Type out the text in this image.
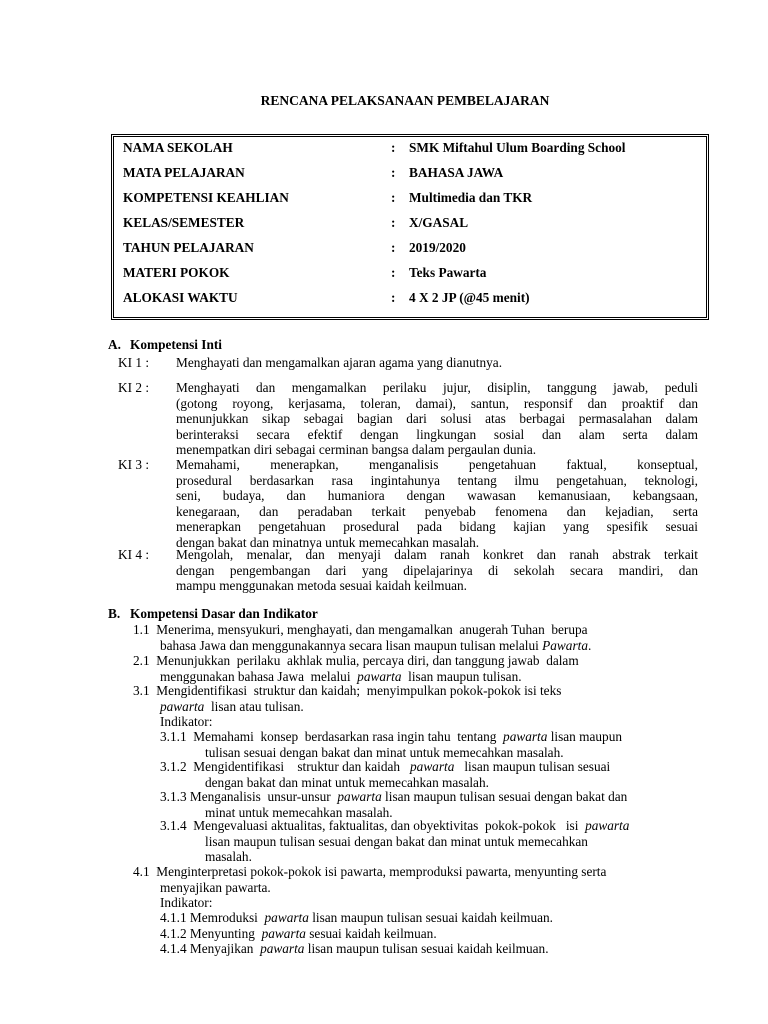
RENCANA PELAKSANAAN PEMBELAJARAN
NAMA SEKOLAH	: SMK Miftahul Ulum Boarding School
MATA PELAJARAN	: BAHASA JAWA
KOMPETENSI KEAHLIAN	: Multimedia dan TKR
KELAS/SEMESTER	: X/GASAL
TAHUN PELAJARAN	: 2019/2020
MATERI POKOK	: Teks Pawarta
ALOKASI WAKTU	: 4 X 2 JP (@45 menit)
A. Kompetensi Inti
KI 1 : Menghayati dan mengamalkan ajaran agama yang dianutnya.

KI 2 : Menghayati dan mengamalkan perilaku jujur, disiplin, tanggung jawab, peduli

(gotong royong, kerjasama, toleran, damai), santun, responsif dan proaktif dan

menunjukkan sikap sebagai bagian dari solusi atas berbagai permasalahan dalam

berinteraksi secara efektif dengan lingkungan sosial dan alam serta dalam

menempatkan diri sebagai cerminan bangsa dalam pergaulan dunia.

KI 3 : Memahami, menerapkan, menganalisis pengetahuan faktual, konseptual,

prosedural berdasarkan rasa ingintahunya tentang ilmu pengetahuan, teknologi,

seni, budaya, dan humaniora dengan wawasan kemanusiaan, kebangsaan,

kenegaraan, dan peradaban terkait penyebab fenomena dan kejadian, serta

menerapkan pengetahuan prosedural pada bidang kajian yang spesifik sesuai

dengan bakat dan minatnya untuk memecahkan masalah.

KI 4 : Mengolah, menalar, dan menyaji dalam ranah konkret dan ranah abstrak terkait

dengan pengembangan dari yang dipelajarinya di sekolah secara mandiri, dan

mampu menggunakan metoda sesuai kaidah keilmuan.

B. Kompetensi Dasar dan Indikator

1.1  Menerima, mensyukuri, menghayati, dan mengamalkan  anugerah Tuhan  berupa

bahasa Jawa dan menggunakannya secara lisan maupun tulisan melalui Pawarta.

2.1  Menunjukkan  perilaku  akhlak mulia, percaya diri, dan tanggung jawab  dalam

menggunakan bahasa Jawa  melalui  pawarta  lisan maupun tulisan.

3.1  Mengidentifikasi  struktur dan kaidah;  menyimpulkan pokok-pokok isi teks

pawarta  lisan atau tulisan.

Indikator:

3.1.1  Memahami  konsep  berdasarkan rasa ingin tahu  tentang  pawarta lisan maupun

tulisan sesuai dengan bakat dan minat untuk memecahkan masalah.

3.1.2  Mengidentifikasi    struktur dan kaidah   pawarta   lisan maupun tulisan sesuai

dengan bakat dan minat untuk memecahkan masalah.

3.1.3 Menganalisis  unsur-unsur  pawarta lisan maupun tulisan sesuai dengan bakat dan

minat untuk memecahkan masalah.

3.1.4  Mengevaluasi aktualitas, faktualitas, dan obyektivitas  pokok-pokok   isi  pawarta

lisan maupun tulisan sesuai dengan bakat dan minat untuk memecahkan

masalah.

4.1  Menginterpretasi pokok-pokok isi pawarta, memproduksi pawarta, menyunting serta

menyajikan pawarta.

Indikator:

4.1.1 Memroduksi  pawarta lisan maupun tulisan sesuai kaidah keilmuan.

4.1.2 Menyunting  pawarta sesuai kaidah keilmuan.

4.1.4 Menyajikan  pawarta lisan maupun tulisan sesuai kaidah keilmuan.
